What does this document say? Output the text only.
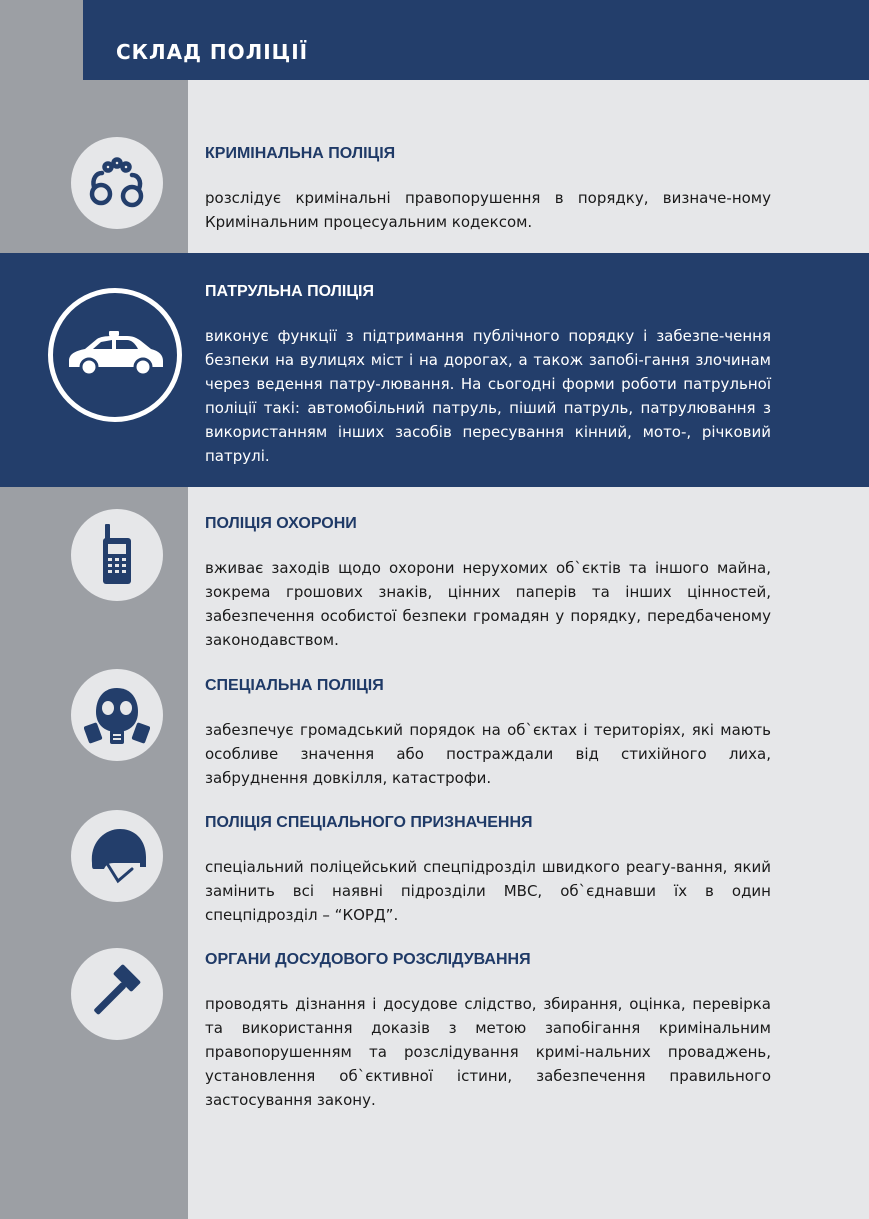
СКЛАД ПОЛІЦІЇ
КРИМІНАЛЬНА ПОЛІЦІЯ

розслідує кримінальні правопорушення в порядку, визначе-ному Кримінальним процесуальним кодексом.

ПАТРУЛЬНА ПОЛІЦІЯ

виконує функції з підтримання публічного порядку і забезпе-чення безпеки на вулицях міст і на дорогах, а також запобі-гання злочинам через ведення патру-лювання. На сьогодні форми роботи патрульної поліції такі: автомобільний патруль, піший патруль, патрулювання з використанням інших засобів пересування кінний, мото-, річковий патрулі.

ПОЛІЦІЯ ОХОРОНИ

вживає заходів щодо охорони нерухомих об`єктів та іншого майна, зокрема грошових знаків, цінних паперів та інших цінностей, забезпечення особистої безпеки громадян у порядку, передбаченому законодавством.

СПЕЦІАЛЬНА ПОЛІЦІЯ

забезпечує громадський порядок на об`єктах і територіях, які мають особливе значення або постраждали від стихійного лиха, забруднення довкілля, катастрофи.

ПОЛІЦІЯ СПЕЦІАЛЬНОГО ПРИЗНАЧЕННЯ

спеціальний поліцейський спецпідрозділ швидкого реагу-вання, який замінить всі наявні підрозділи МВС, об`єднавши їх в один спецпідрозділ – “КОРД”.

ОРГАНИ ДОСУДОВОГО РОЗСЛІДУВАННЯ

проводять дізнання і досудове слідство, збирання, оцінка, перевірка та використання доказів з метою запобігання кримінальним правопорушенням та розслідування кримі-нальних проваджень, установлення об`єктивної істини, забезпечення правильного застосування закону.
